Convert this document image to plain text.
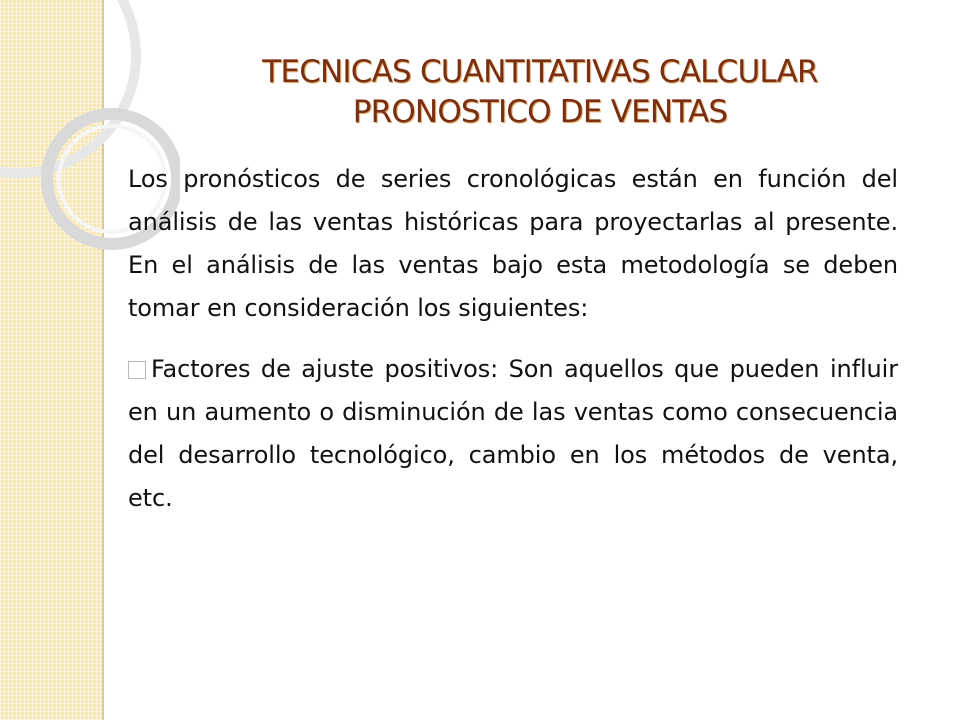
TECNICAS CUANTITATIVAS CALCULAR
PRONOSTICO DE VENTAS

Los pronósticos de series cronológicas están en función del análisis de las ventas históricas para proyectarlas al presente. En el análisis de las ventas bajo esta metodología se deben tomar en consideración los siguientes:

Factores de ajuste positivos: Son aquellos que pueden influir en un aumento o disminución de las ventas como consecuencia del desarrollo tecnológico, cambio en los métodos de venta, etc.
